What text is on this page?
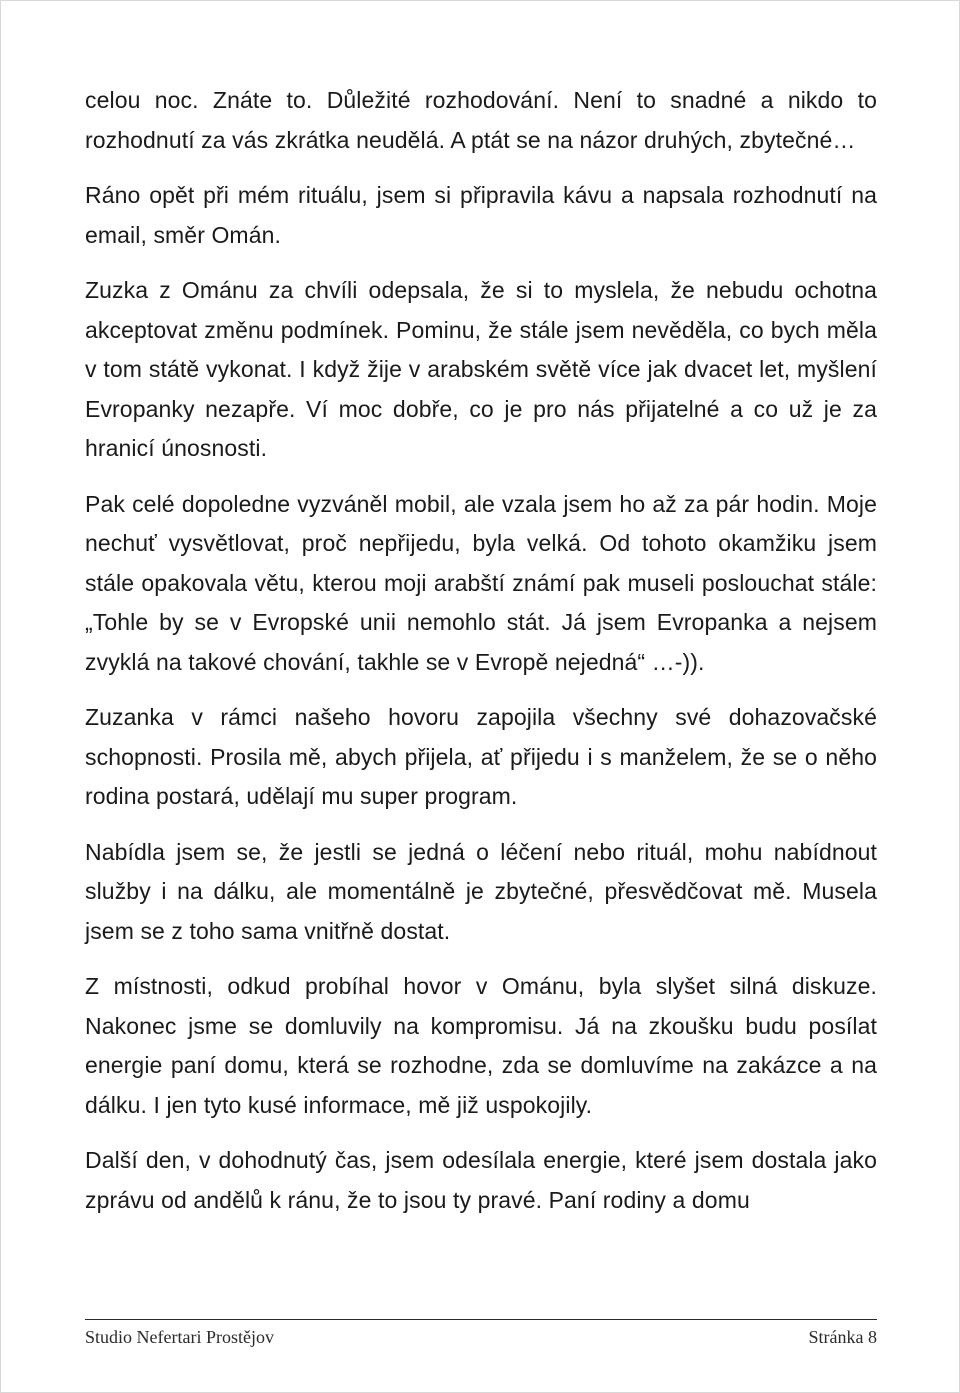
celou noc. Znáte to. Důležité rozhodování. Není to snadné a nikdo to rozhodnutí za vás zkrátka neudělá. A ptát se na názor druhých, zbytečné…

Ráno opět při mém rituálu, jsem si připravila kávu a napsala rozhodnutí na email, směr Omán.

Zuzka z Ománu za chvíli odepsala, že si to myslela, že nebudu ochotna akceptovat změnu podmínek. Pominu, že stále jsem nevěděla, co bych měla v tom státě vykonat. I když žije v arabském světě více jak dvacet let, myšlení Evropanky nezapře. Ví moc dobře, co je pro nás přijatelné a co už je za hranicí únosnosti.

Pak celé dopoledne vyzváněl mobil, ale vzala jsem ho až za pár hodin. Moje nechuť vysvětlovat, proč nepřijedu, byla velká. Od tohoto okamžiku jsem stále opakovala větu, kterou moji arabští známí pak museli poslouchat stále: „Tohle by se v Evropské unii nemohlo stát. Já jsem Evropanka a nejsem zvyklá na takové chování, takhle se v Evropě nejedná“ …-)).

Zuzanka v rámci našeho hovoru zapojila všechny své dohazovačské schopnosti. Prosila mě, abych přijela, ať přijedu i s manželem, že se o něho rodina postará, udělají mu super program.

Nabídla jsem se, že jestli se jedná o léčení nebo rituál, mohu nabídnout služby i na dálku, ale momentálně je zbytečné, přesvědčovat mě. Musela jsem se z toho sama vnitřně dostat.

Z místnosti, odkud probíhal hovor v Ománu, byla slyšet silná diskuze. Nakonec jsme se domluvily na kompromisu. Já na zkoušku budu posílat energie paní domu, která se rozhodne, zda se domluvíme na zakázce a na dálku. I jen tyto kusé informace, mě již uspokojily.

Další den, v dohodnutý čas, jsem odesílala energie, které jsem dostala jako zprávu od andělů k ránu, že to jsou ty pravé. Paní rodiny a domu

Studio Nefertari Prostějov	Stránka 8
